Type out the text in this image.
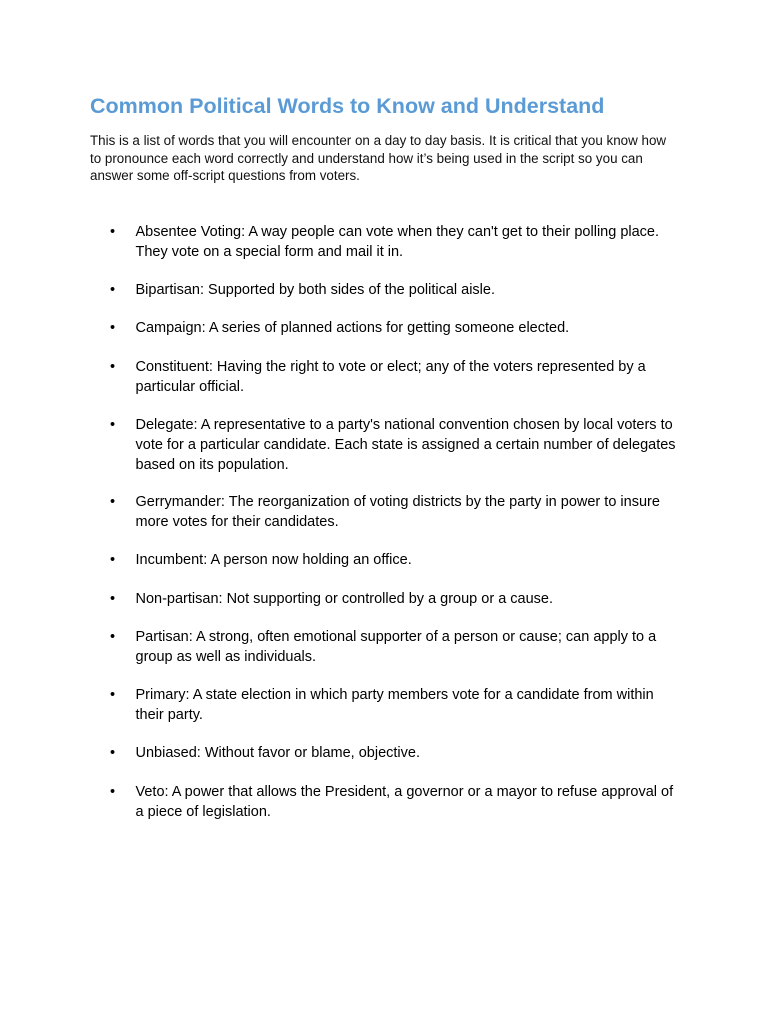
Common Political Words to Know and Understand

This is a list of words that you will encounter on a day to day basis. It is critical that you know how to pronounce each word correctly and understand how it’s being used in the script so you can answer some off-script questions from voters.

•	Absentee Voting: A way people can vote when they can't get to their polling place. They vote on a special form and mail it in.
•	Bipartisan: Supported by both sides of the political aisle.
•	Campaign: A series of planned actions for getting someone elected.
•	Constituent: Having the right to vote or elect; any of the voters represented by a particular official.
•	Delegate: A representative to a party's national convention chosen by local voters to vote for a particular candidate. Each state is assigned a certain number of delegates based on its population.
•	Gerrymander: The reorganization of voting districts by the party in power to insure more votes for their candidates.
•	Incumbent: A person now holding an office.
•	Non-partisan: Not supporting or controlled by a group or a cause.
•	Partisan: A strong, often emotional supporter of a person or cause; can apply to a group as well as individuals.
•	Primary: A state election in which party members vote for a candidate from within their party.
•	Unbiased: Without favor or blame, objective.
•	Veto: A power that allows the President, a governor or a mayor to refuse approval of a piece of legislation.
